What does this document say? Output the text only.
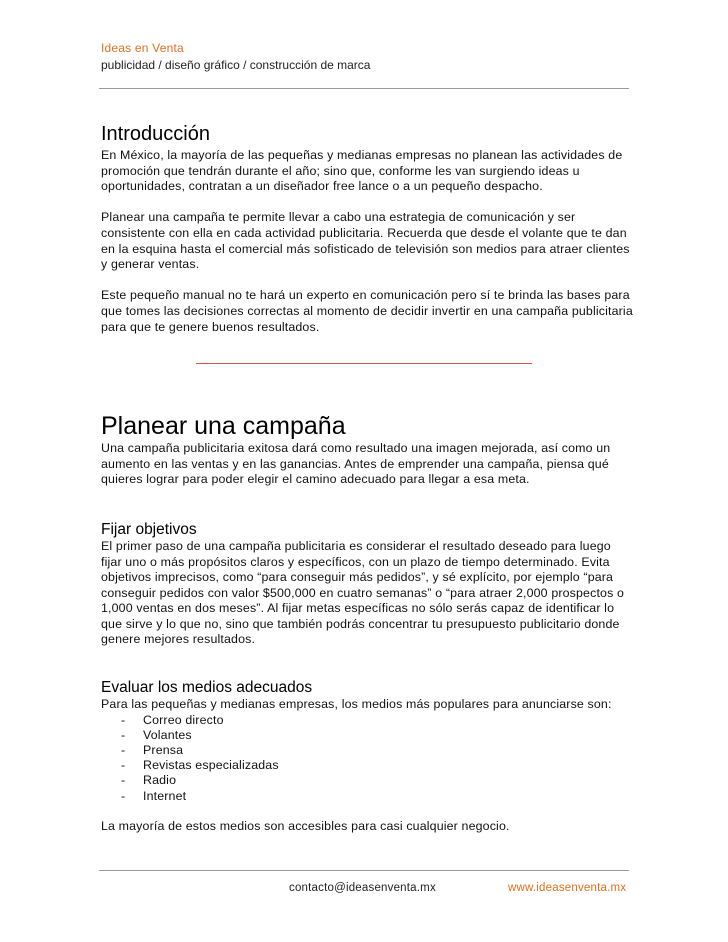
Ideas en Venta
publicidad / diseño gráfico / construcción de marca
Introducción

En México, la mayoría de las pequeñas y medianas empresas no planean las actividades de promoción que tendrán durante el año; sino que, conforme les van surgiendo ideas u oportunidades, contratan a un diseñador free lance o a un pequeño despacho.

Planear una campaña te permite llevar a cabo una estrategia de comunicación y ser consistente con ella en cada actividad publicitaria. Recuerda que desde el volante que te dan en la esquina hasta el comercial más sofisticado de televisión son medios para atraer clientes y generar ventas.

Este pequeño manual no te hará un experto en comunicación pero sí te brinda las bases para que tomes las decisiones correctas al momento de decidir invertir en una campaña publicitaria para que te genere buenos resultados.

Planear una campaña

Una campaña publicitaria exitosa dará como resultado una imagen mejorada, así como un aumento en las ventas y en las ganancias. Antes de emprender una campaña, piensa qué quieres lograr para poder elegir el camino adecuado para llegar a esa meta.

Fijar objetivos

El primer paso de una campaña publicitaria es considerar el resultado deseado para luego fijar uno o más propósitos claros y específicos, con un plazo de tiempo determinado. Evita objetivos imprecisos, como “para conseguir más pedidos”, y sé explícito, por ejemplo “para conseguir pedidos con valor $500,000 en cuatro semanas” o “para atraer 2,000 prospectos o 1,000 ventas en dos meses”. Al fijar metas específicas no sólo serás capaz de identificar lo que sirve y lo que no, sino que también podrás concentrar tu presupuesto publicitario donde genere mejores resultados.

Evaluar los medios adecuados

Para las pequeñas y medianas empresas, los medios más populares para anunciarse son:

- Correo directo
- Volantes
- Prensa
- Revistas especializadas
- Radio
- Internet

La mayoría de estos medios son accesibles para casi cualquier negocio.

contacto@ideasenventa.mx	www.ideasenventa.mx
